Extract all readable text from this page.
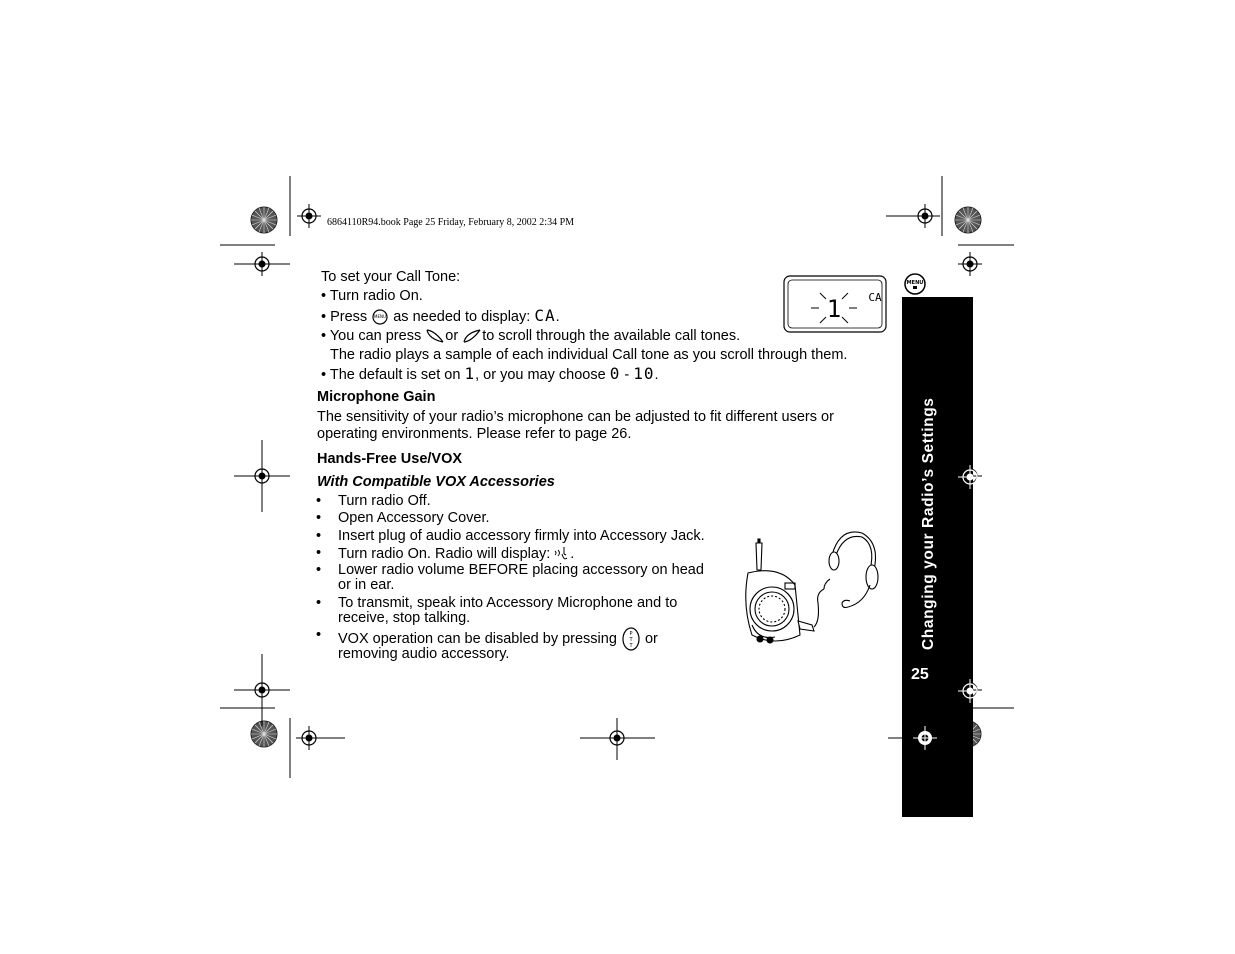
6864110R94.book Page 25 Friday, February 8, 2002 2:34 PM
Changing your Radio’s Settings
25
MENU
1 CA
To set your Call Tone:
• Turn radio On.
• Press MENU as needed to display: CA.
• You can press or to scroll through the available call tones.
The radio plays a sample of each individual Call tone as you scroll through them.
• The default is set on 1, or you may choose 0 - 10.
Microphone Gain
The sensitivity of your radio’s microphone can be adjusted to fit different users or
operating environments. Please refer to page 26.
Hands-Free Use/VOX
With Compatible VOX Accessories
• Turn radio Off.
• Open Accessory Cover.
• Insert plug of audio accessory firmly into Accessory Jack.
• Turn radio On. Radio will display: .
• Lower radio volume BEFORE placing accessory on head
or in ear.
• To transmit, speak into Accessory Microphone and to
receive, stop talking.
• VOX operation can be disabled by pressing	P
T
T or
removing audio accessory.
